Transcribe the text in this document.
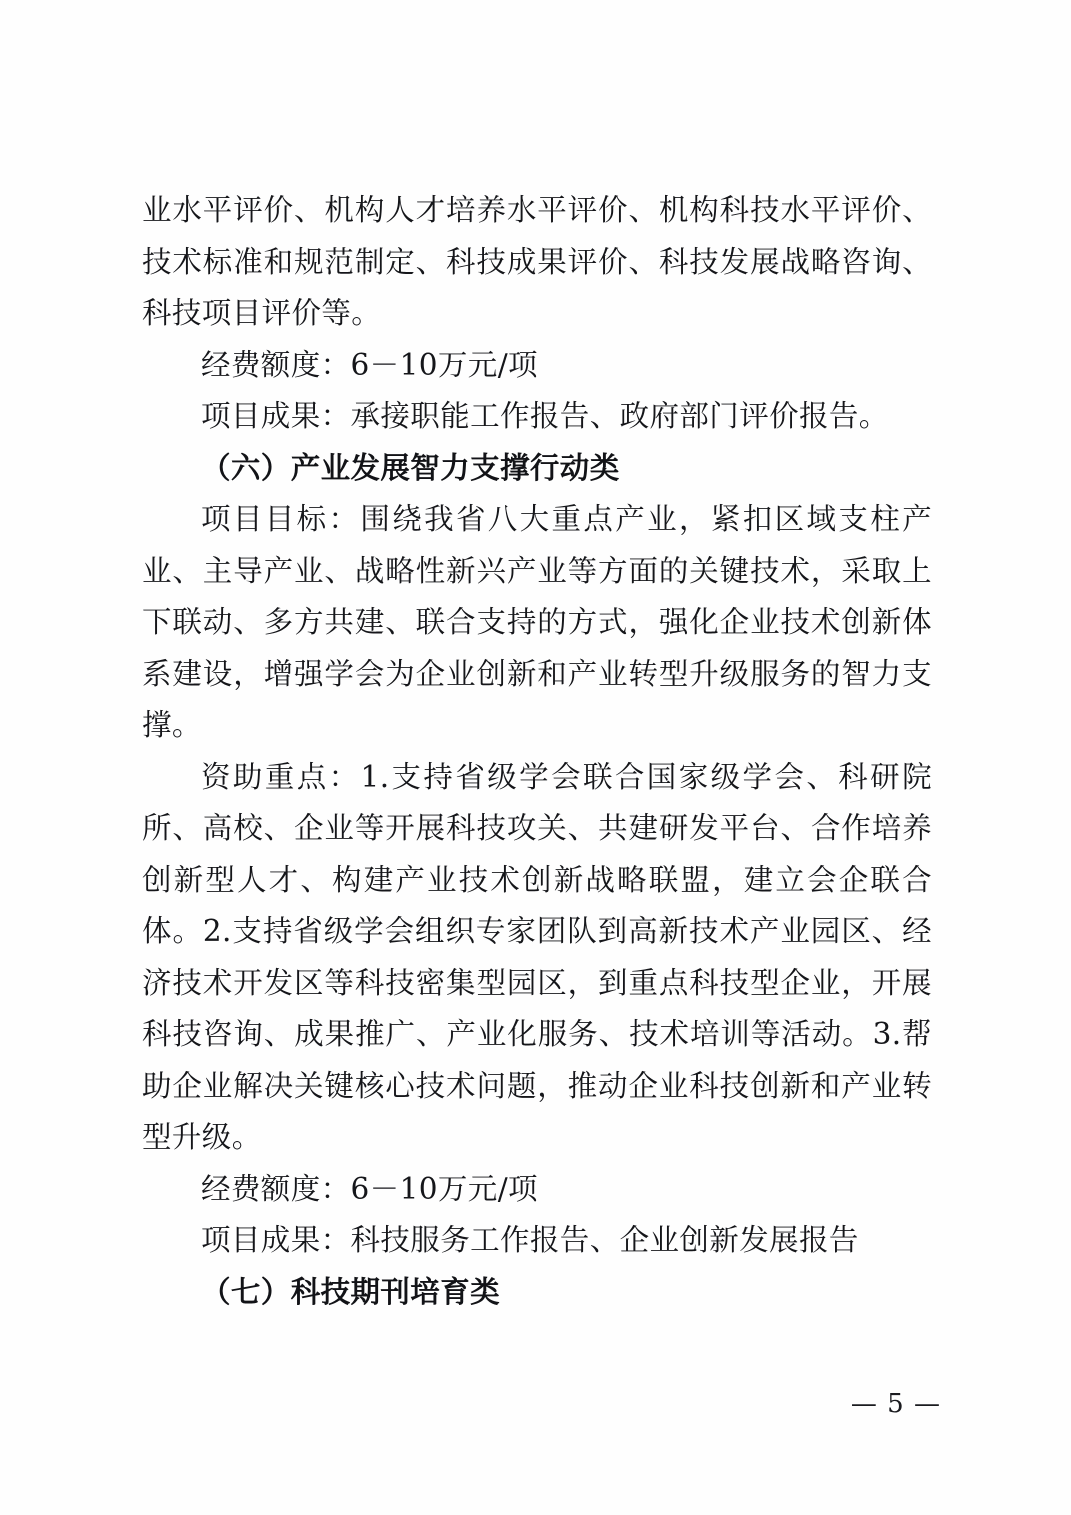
业水平评价、机构人才培养水平评价、机构科技水平评价、技术标准和规范制定、科技成果评价、科技发展战略咨询、科技项目评价等。

经费额度：6－10万元/项

项目成果：承接职能工作报告、政府部门评价报告。

（六）产业发展智力支撑行动类

项目目标：围绕我省八大重点产业，紧扣区域支柱产业、主导产业、战略性新兴产业等方面的关键技术，采取上下联动、多方共建、联合支持的方式，强化企业技术创新体系建设，增强学会为企业创新和产业转型升级服务的智力支撑。

资助重点：1.支持省级学会联合国家级学会、科研院所、高校、企业等开展科技攻关、共建研发平台、合作培养创新型人才、构建产业技术创新战略联盟，建立会企联合体。2.支持省级学会组织专家团队到高新技术产业园区、经济技术开发区等科技密集型园区，到重点科技型企业，开展科技咨询、成果推广、产业化服务、技术培训等活动。3.帮助企业解决关键核心技术问题，推动企业科技创新和产业转型升级。

经费额度：6－10万元/项

项目成果：科技服务工作报告、企业创新发展报告

（七）科技期刊培育类

— 5 —
